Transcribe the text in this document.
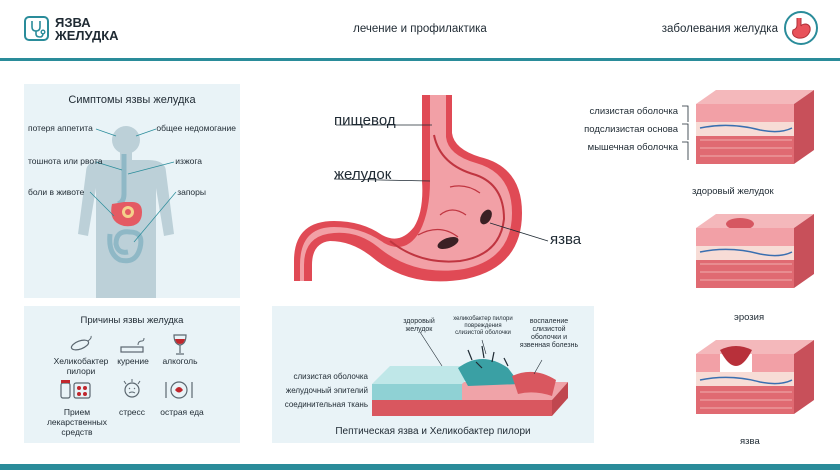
ЯЗВА
ЖЕЛУДКА	лечение и профилактика	заболевания желудка
Симптомы язвы желудка
потеря аппетита	общее недомогание
тошнота или рвота	изжога
боли в животе	запоры
Причины язвы желудка
Хеликобактер пилори
курение	алкоголь
Прием лекарственных средств
стресс	острая еда
пищевод
желудок
язва
здоровый желудок
хеликобактер пилори повреждения слизистой оболочки
воспаление слизистой оболочки и язвенная болезнь
слизистая оболочка
желудочный эпителий
соединительная ткань
Пептическая язва и Хеликобактер пилори
слизистая оболочка
подслизистая основа
мышечная оболочка
здоровый желудок
эрозия
язва
